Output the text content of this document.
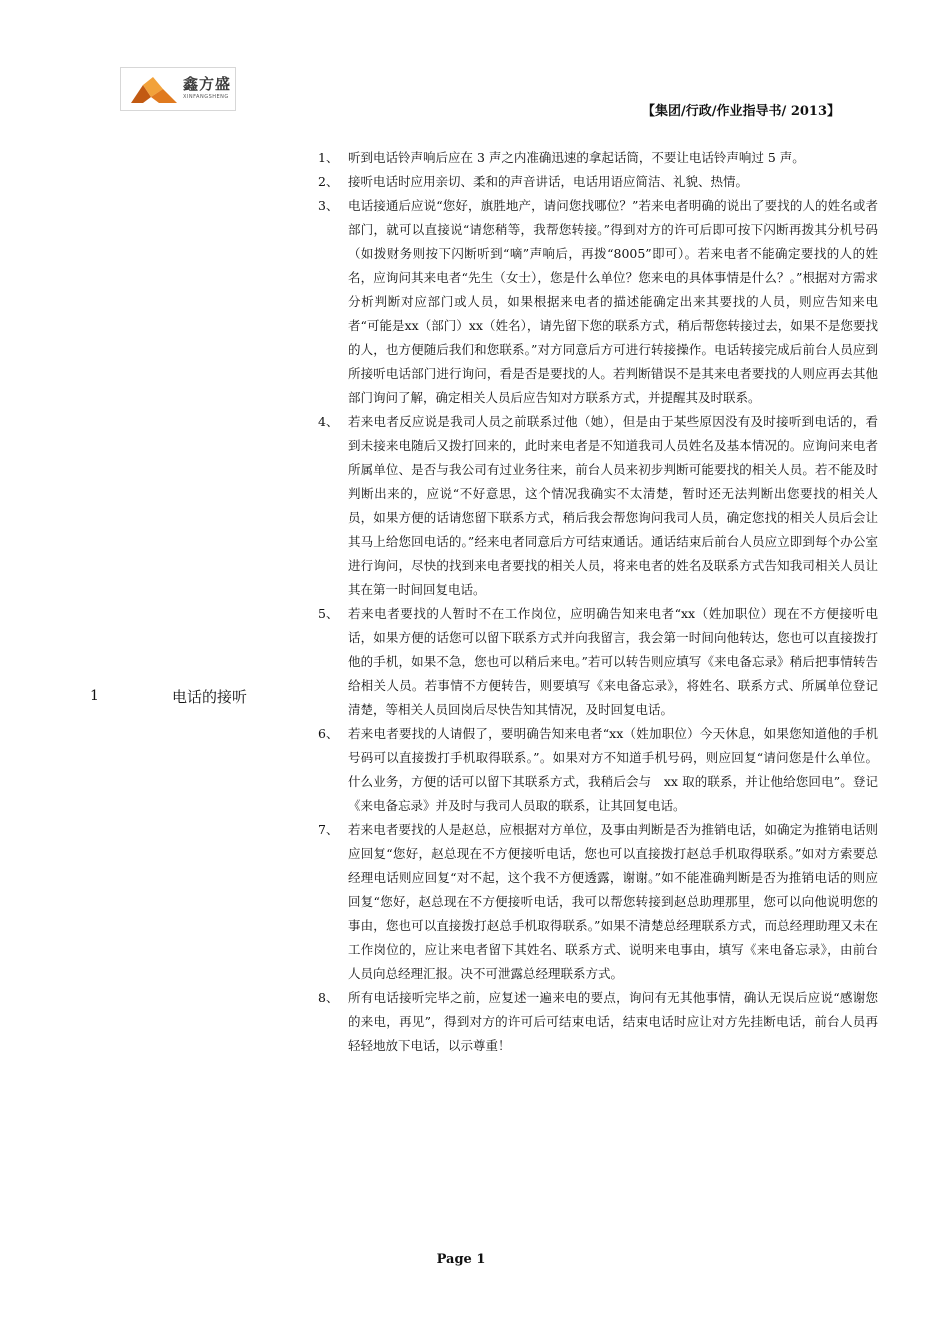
鑫方盛
XINFANGSHENG
【集团/行政/作业指导书/ 2013】
1	电话的接听
1、 听到电话铃声响后应在 3 声之内准确迅速的拿起话筒，不要让电话铃声响过 5 声。
2、 接听电话时应用亲切、柔和的声音讲话，电话用语应简洁、礼貌、热情。
3、 电话接通后应说“您好，旗胜地产，请问您找哪位？”若来电者明确的说出了要找的人的姓名或者部门，就可以直接说“请您稍等，我帮您转接。”得到对方的许可后即可按下闪断再拨其分机号码（如拨财务则按下闪断听到“嘀”声响后，再拨“8005”即可）。若来电者不能确定要找的人的姓名，应询问其来电者“先生（女士），您是什么单位？您来电的具体事情是什么？。”根据对方需求分析判断对应部门或人员，如果根据来电者的描述能确定出来其要找的人员，则应告知来电者“可能是xx（部门）xx（姓名），请先留下您的联系方式，稍后帮您转接过去，如果不是您要找的人，也方便随后我们和您联系。”对方同意后方可进行转接操作。电话转接完成后前台人员应到所接听电话部门进行询问，看是否是要找的人。若判断错误不是其来电者要找的人则应再去其他部门询问了解，确定相关人员后应告知对方联系方式，并提醒其及时联系。
4、 若来电者反应说是我司人员之前联系过他（她），但是由于某些原因没有及时接听到电话的，看到未接来电随后又拨打回来的，此时来电者是不知道我司人员姓名及基本情况的。应询问来电者所属单位、是否与我公司有过业务往来，前台人员来初步判断可能要找的相关人员。若不能及时判断出来的，应说“不好意思，这个情况我确实不太清楚，暂时还无法判断出您要找的相关人员，如果方便的话请您留下联系方式，稍后我会帮您询问我司人员，确定您找的相关人员后会让其马上给您回电话的。”经来电者同意后方可结束通话。通话结束后前台人员应立即到每个办公室进行询问，尽快的找到来电者要找的相关人员，将来电者的姓名及联系方式告知我司相关人员让其在第一时间回复电话。
5、 若来电者要找的人暂时不在工作岗位，应明确告知来电者“xx（姓加职位）现在不方便接听电话，如果方便的话您可以留下联系方式并向我留言，我会第一时间向他转达，您也可以直接拨打他的手机，如果不急，您也可以稍后来电。”若可以转告则应填写《来电备忘录》稍后把事情转告给相关人员。若事情不方便转告，则要填写《来电备忘录》，将姓名、联系方式、所属单位登记清楚，等相关人员回岗后尽快告知其情况，及时回复电话。
6、 若来电者要找的人请假了，要明确告知来电者“xx（姓加职位）今天休息，如果您知道他的手机号码可以直接拨打手机取得联系。”。如果对方不知道手机号码，则应回复“请问您是什么单位。什么业务，方便的话可以留下其联系方式，我稍后会与　xx 取的联系，并让他给您回电”。登记《来电备忘录》并及时与我司人员取的联系，让其回复电话。
7、 若来电者要找的人是赵总，应根据对方单位，及事由判断是否为推销电话，如确定为推销电话则应回复“您好，赵总现在不方便接听电话，您也可以直接拨打赵总手机取得联系。”如对方索要总经理电话则应回复“对不起，这个我不方便透露，谢谢。”如不能准确判断是否为推销电话的则应回复“您好，赵总现在不方便接听电话，我可以帮您转接到赵总助理那里，您可以向他说明您的事由，您也可以直接拨打赵总手机取得联系。”如果不清楚总经理联系方式，而总经理助理又未在工作岗位的，应让来电者留下其姓名、联系方式、说明来电事由，填写《来电备忘录》，由前台人员向总经理汇报。决不可泄露总经理联系方式。
8、 所有电话接听完毕之前，应复述一遍来电的要点，询问有无其他事情，确认无误后应说“感谢您的来电，再见”，得到对方的许可后可结束电话，结束电话时应让对方先挂断电话，前台人员再轻轻地放下电话，以示尊重！
Page 1
